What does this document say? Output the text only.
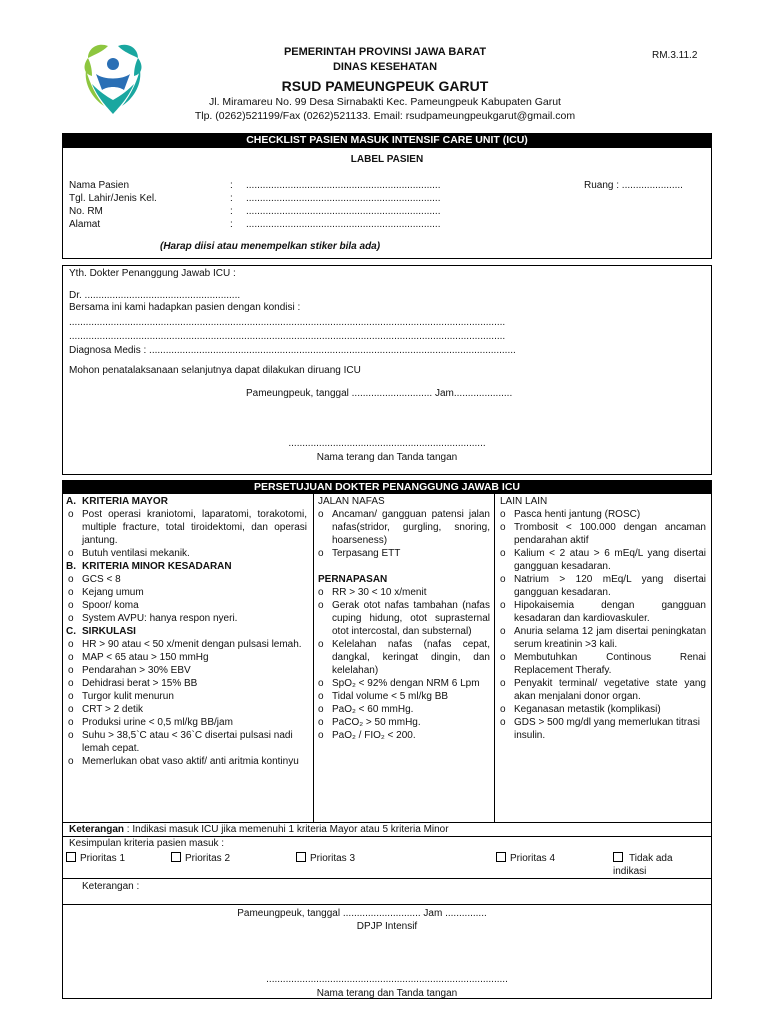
PEMERINTAH PROVINSI JAWA BARAT
DINAS KESEHATAN
RSUD PAMEUNGPEUK GARUT
Jl. Miramareu No. 99 Desa Sirnabakti Kec. Pameungpeuk Kabupaten Garut
Tlp. (0262)521199/Fax (0262)521133. Email: rsudpameungpeukgarut@gmail.com
RM.3.11.2
CHECKLIST PASIEN MASUK INTENSIF CARE UNIT (ICU)
LABEL PASIEN
Nama Pasien	: ......................................................................	Ruang : ......................
Tgl. Lahir/Jenis Kel.	: ......................................................................
No. RM	: ......................................................................
Alamat	: ......................................................................
(Harap diisi atau menempelkan stiker bila ada)
Yth. Dokter Penanggung Jawab ICU :
Dr. ........................................................
Bersama ini kami hadapkan pasien dengan kondisi :
.............................................................................................................................................................
.............................................................................................................................................................
Diagnosa Medis : ....................................................................................................................................
Mohon penatalaksanaan selanjutnya dapat dilakukan diruang ICU
Pameungpeuk, tanggal ............................. Jam.....................
.......................................................................
Nama terang dan Tanda tangan
PERSETUJUAN DOKTER PENANGGUNG JAWAB ICU
A. KRITERIA MAYOR
o Post operasi kraniotomi, laparatomi, torakotomi, multiple fracture, total tiroidektomi, dan operasi jantung.
o Butuh ventilasi mekanik.
B. KRITERIA MINOR KESADARAN
o GCS < 8
o Kejang umum
o Spoor/ koma
o System AVPU: hanya respon nyeri.
C. SIRKULASI
o HR > 90 atau < 50 x/menit dengan pulsasi lemah.
o MAP < 65 atau > 150 mmHg
o Pendarahan > 30% EBV
o Dehidrasi berat > 15% BB
o Turgor kulit menurun
o CRT > 2 detik
o Produksi urine < 0,5 ml/kg BB/jam
o Suhu > 38,5`C atau < 36`C disertai pulsasi nadi lemah cepat.
o Memerlukan obat vaso aktif/ anti aritmia kontinyu
JALAN NAFAS
o Ancaman/ gangguan patensi jalan nafas(stridor, gurgling, snoring, hoarseness)
o Terpasang ETT
PERNAPASAN
o RR > 30 < 10 x/menit
o Gerak otot nafas tambahan (nafas cuping hidung, otot suprasternal otot intercostal, dan substernal)
o Kelelahan nafas (nafas cepat, dangkal, keringat dingin, dan kelelahan)
o SpO₂ < 92% dengan NRM 6 Lpm
o Tidal volume < 5 ml/kg BB
o PaO₂ < 60 mmHg.
o PaCO₂ > 50 mmHg.
o PaO₂ / FIO₂ < 200.
LAIN LAIN
o Pasca henti jantung (ROSC)
o Trombosit < 100.000 dengan ancaman pendarahan aktif
o Kalium < 2 atau > 6 mEq/L yang disertai gangguan kesadaran.
o Natrium > 120 mEq/L yang disertai gangguan kesadaran.
o Hipokaisemia dengan gangguan kesadaran dan kardiovaskuler.
o Anuria selama 12 jam disertai peningkatan serum kreatinin >3 kali.
o Membutuhkan Continous Renai Replacement Therafy.
o Penyakit terminal/ vegetative state yang akan menjalani donor organ.
o Keganasan metastik (komplikasi)
o GDS > 500 mg/dl yang memerlukan titrasi insulin.
Keterangan : Indikasi masuk ICU jika memenuhi 1 kriteria Mayor atau 5 kriteria Minor
Kesimpulan kriteria pasien masuk :
Prioritas 1	Prioritas 2	Prioritas 3	Prioritas 4	Tidak ada indikasi
Keterangan :
Pameungpeuk, tanggal ............................ Jam ...............
DPJP Intensif
.......................................................................................
Nama terang dan Tanda tangan
